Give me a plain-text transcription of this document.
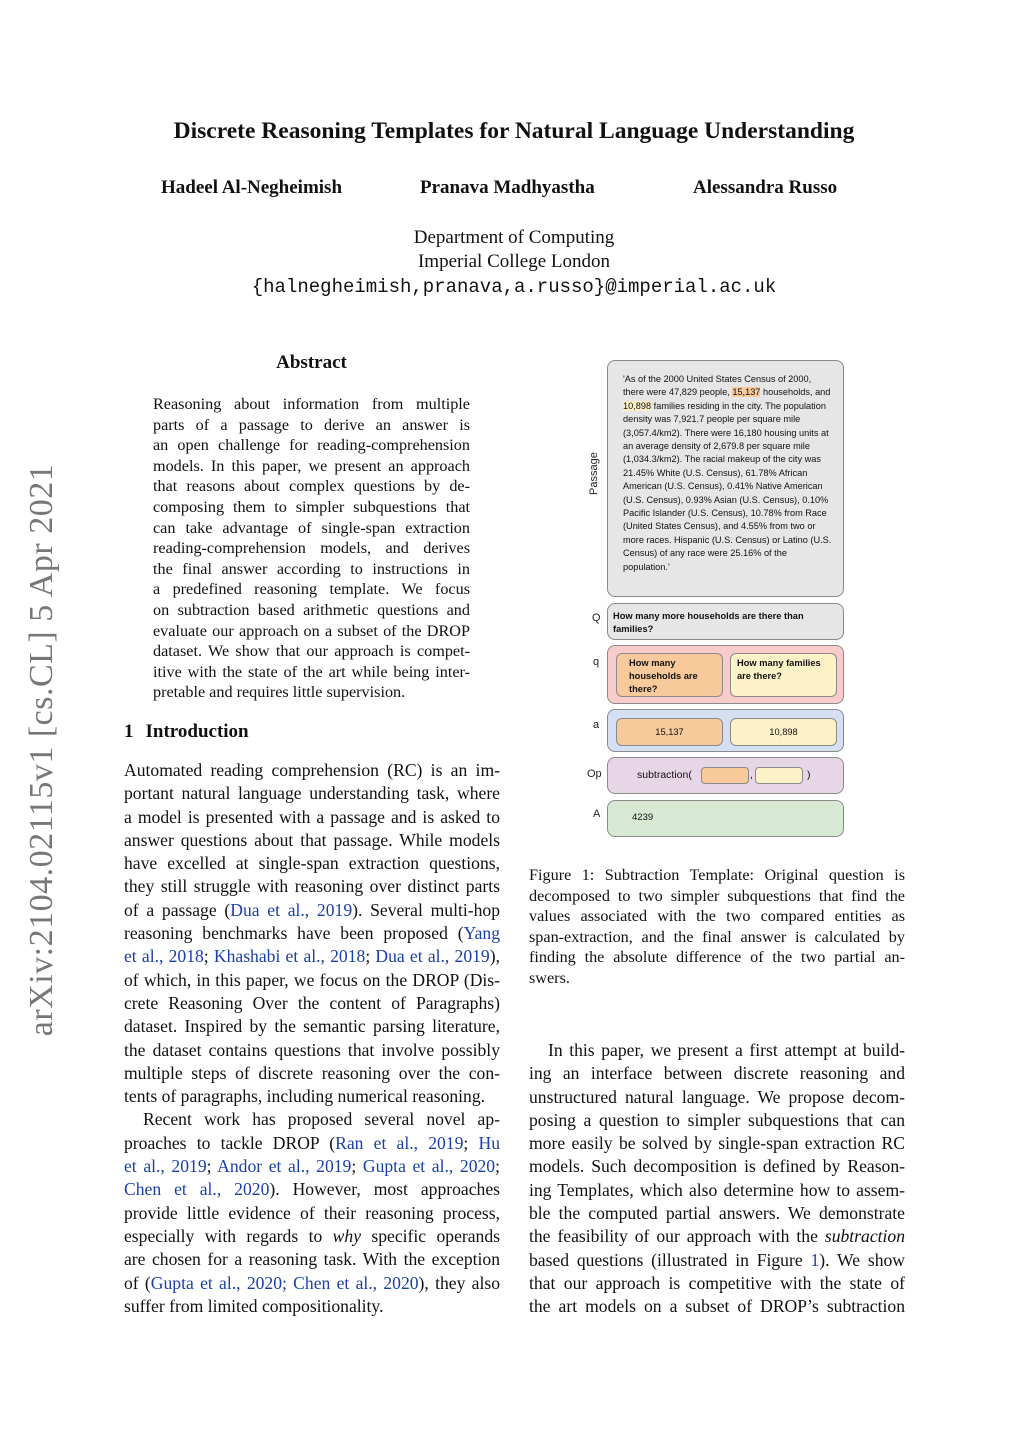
Discrete Reasoning Templates for Natural Language Understanding
Hadeel Al-Negheimish	Pranava Madhyastha	Alessandra Russo
Department of Computing
Imperial College London
{halnegheimish,pranava,a.russo}@imperial.ac.uk
arXiv:2104.02115v1 [cs.CL] 5 Apr 2021
Abstract
Reasoning about information from multiple
parts of a passage to derive an answer is
an open challenge for reading-comprehension
models. In this paper, we present an approach
that reasons about complex questions by de-
composing them to simpler subquestions that
can take advantage of single-span extraction
reading-comprehension models, and derives
the final answer according to instructions in
a predefined reasoning template. We focus
on subtraction based arithmetic questions and
evaluate our approach on a subset of the DROP
dataset. We show that our approach is compet-
itive with the state of the art while being inter-
pretable and requires little supervision.
1 Introduction
Automated reading comprehension (RC) is an im-
portant natural language understanding task, where
a model is presented with a passage and is asked to
answer questions about that passage. While models
have excelled at single-span extraction questions,
they still struggle with reasoning over distinct parts
of a passage (Dua et al., 2019). Several multi-hop
reasoning benchmarks have been proposed (Yang
et al., 2018; Khashabi et al., 2018; Dua et al., 2019),
of which, in this paper, we focus on the DROP (Dis-
crete Reasoning Over the content of Paragraphs)
dataset. Inspired by the semantic parsing literature,
the dataset contains questions that involve possibly
multiple steps of discrete reasoning over the con-
tents of paragraphs, including numerical reasoning.
Recent work has proposed several novel ap-
proaches to tackle DROP (Ran et al., 2019; Hu
et al., 2019; Andor et al., 2019; Gupta et al., 2020;
Chen et al., 2020). However, most approaches
provide little evidence of their reasoning process,
especially with regards to why specific operands
are chosen for a reasoning task. With the exception
of (Gupta et al., 2020; Chen et al., 2020), they also
suffer from limited compositionality.
Passage
'As of the 2000 United States Census of 2000, there were 47,829 people, 15,137 households, and 10,898 families residing in the city. The population density was 7,921.7 people per square mile (3,057.4/km2). There were 16,180 housing units at an average density of 2,679.8 per square mile (1,034.3/km2). The racial makeup of the city was 21.45% White (U.S. Census), 61.78% African American (U.S. Census), 0.41% Native American (U.S. Census), 0.93% Asian (U.S. Census), 0.10% Pacific Islander (U.S. Census), 10.78% from Race (United States Census), and 4.55% from two or more races. Hispanic (U.S. Census) or Latino (U.S. Census) of any race were 25.16% of the population.'
Q	How many more households are there than families?
q	How many households are there?
How many families are there?
a
15,137	10,898
Op	subtraction(	,	)
A	4239
Figure 1: Subtraction Template: Original question is
decomposed to two simpler subquestions that find the
values associated with the two compared entities as
span-extraction, and the final answer is calculated by
finding the absolute difference of the two partial an-
swers.
In this paper, we present a first attempt at build-
ing an interface between discrete reasoning and
unstructured natural language. We propose decom-
posing a question to simpler subquestions that can
more easily be solved by single-span extraction RC
models. Such decomposition is defined by Reason-
ing Templates, which also determine how to assem-
ble the computed partial answers. We demonstrate
the feasibility of our approach with the subtraction
based questions (illustrated in Figure 1). We show
that our approach is competitive with the state of
the art models on a subset of DROP’s subtraction
